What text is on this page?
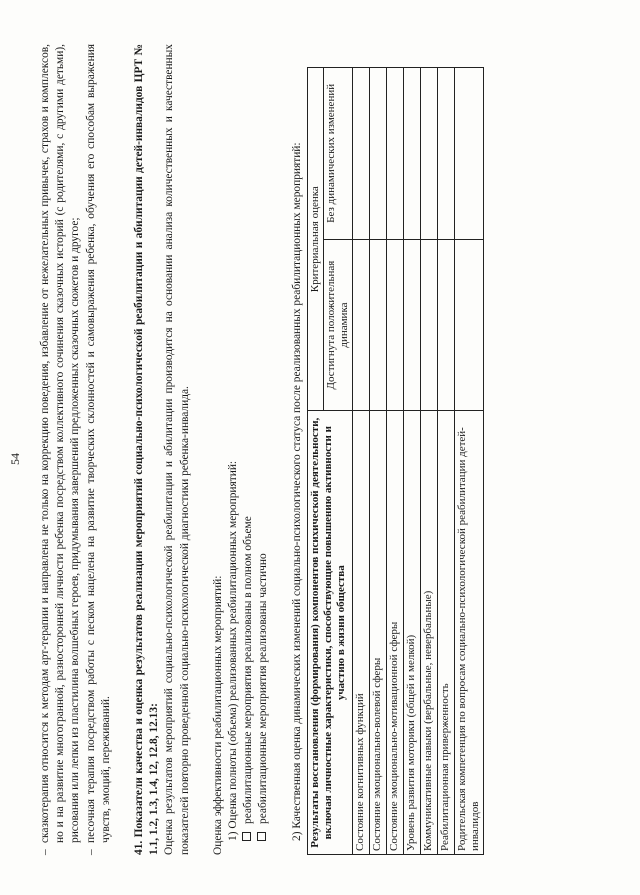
54
–
сказкотерапия относится к методам арт-терапии и направлена не только на коррекцию поведения, избавление от нежелательных привычек, страхов и комплексов, но и на развитие многогранной, разносторонней личности ребенка посредством коллективного сочинения сказочных историй (с родителями, с другими детьми), рисования или лепки из пластилина волшебных героев, придумывания завершений предложенных сказочных сюжетов и другое;
–
песочная терапия посредством работы с песком нацелена на развитие творческих склонностей и самовыражения ребенка, обучения его способам выражения чувств, эмоций, переживаний. 41. Показатели качества и оценка результатов реализации мероприятий социально-психологической реабилитации и абилитации детей-инвалидов ЦРТ № 1.1, 1.2, 1.3, 1.4, 12, 12.8, 12.13: Оценка результатов мероприятий социально-психологической реабилитации и абилитации производится на основании анализа количественных и качественных показателей повторно проведенной социально-психологической диагностики ребенка-инвалида. Оценка эффективности реабилитационных мероприятий: 1) Оценка полноты (объема) реализованных реабилитационных мероприятий: реабилитационные мероприятия реализованы в полном объеме реабилитационные мероприятия реализованы частично 2) Качественная оценка динамических изменений социально-психологического статуса после реализованных реабилитационных мероприятий: Результаты восстановления (формирования) компонентов психической деятельности, включая личностные характеристики, способствующие повышению активности и участию в жизни общества	Критериальная оценка	
	Достигнута положительная динамика	Без динамических изменений
Состояние когнитивных функций		
Состояние эмоционально-волевой сферы		
Состояние эмоционально-мотивационной сферы		
Уровень развития моторики (общей и мелкой)		
Коммуникативные навыки (вербальные, невербальные)		
Реабилитационная приверженность		
Родительская компетенция по вопросам социально-психологической реабилитации детей-инвалидов		
